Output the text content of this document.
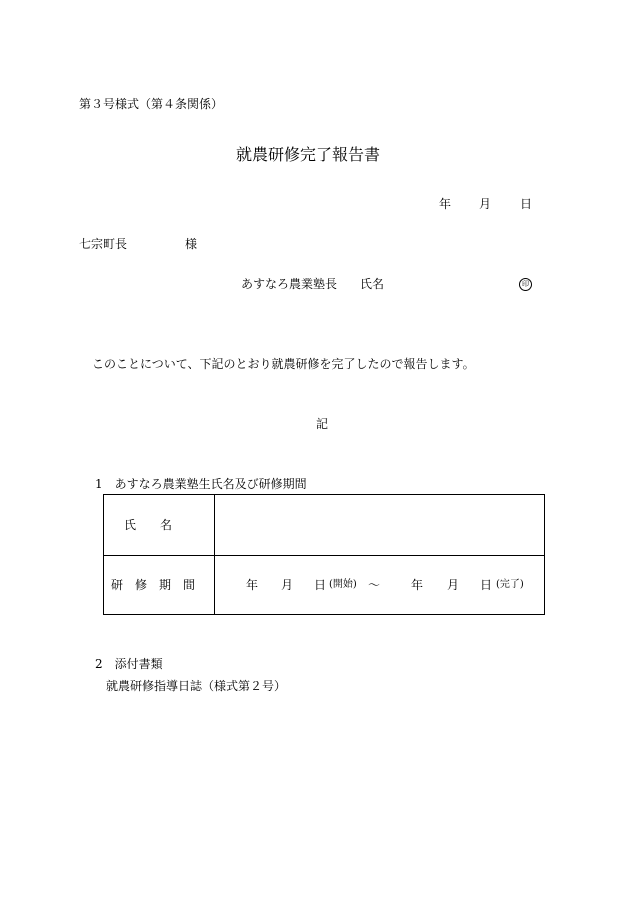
第３号様式（第４条関係）
就農研修完了報告書
年 月 日
七宗町長	様
あすなろ農業塾長 氏名	印
このことについて、下記のとおり就農研修を完了したので報告します。
記
1　あすなろ農業塾生氏名及び研修期間
氏　　名
研　修　期　間	年 月 日 (開始) 〜	年 月 日 (完了)
2　添付書類
就農研修指導日誌（様式第２号）
